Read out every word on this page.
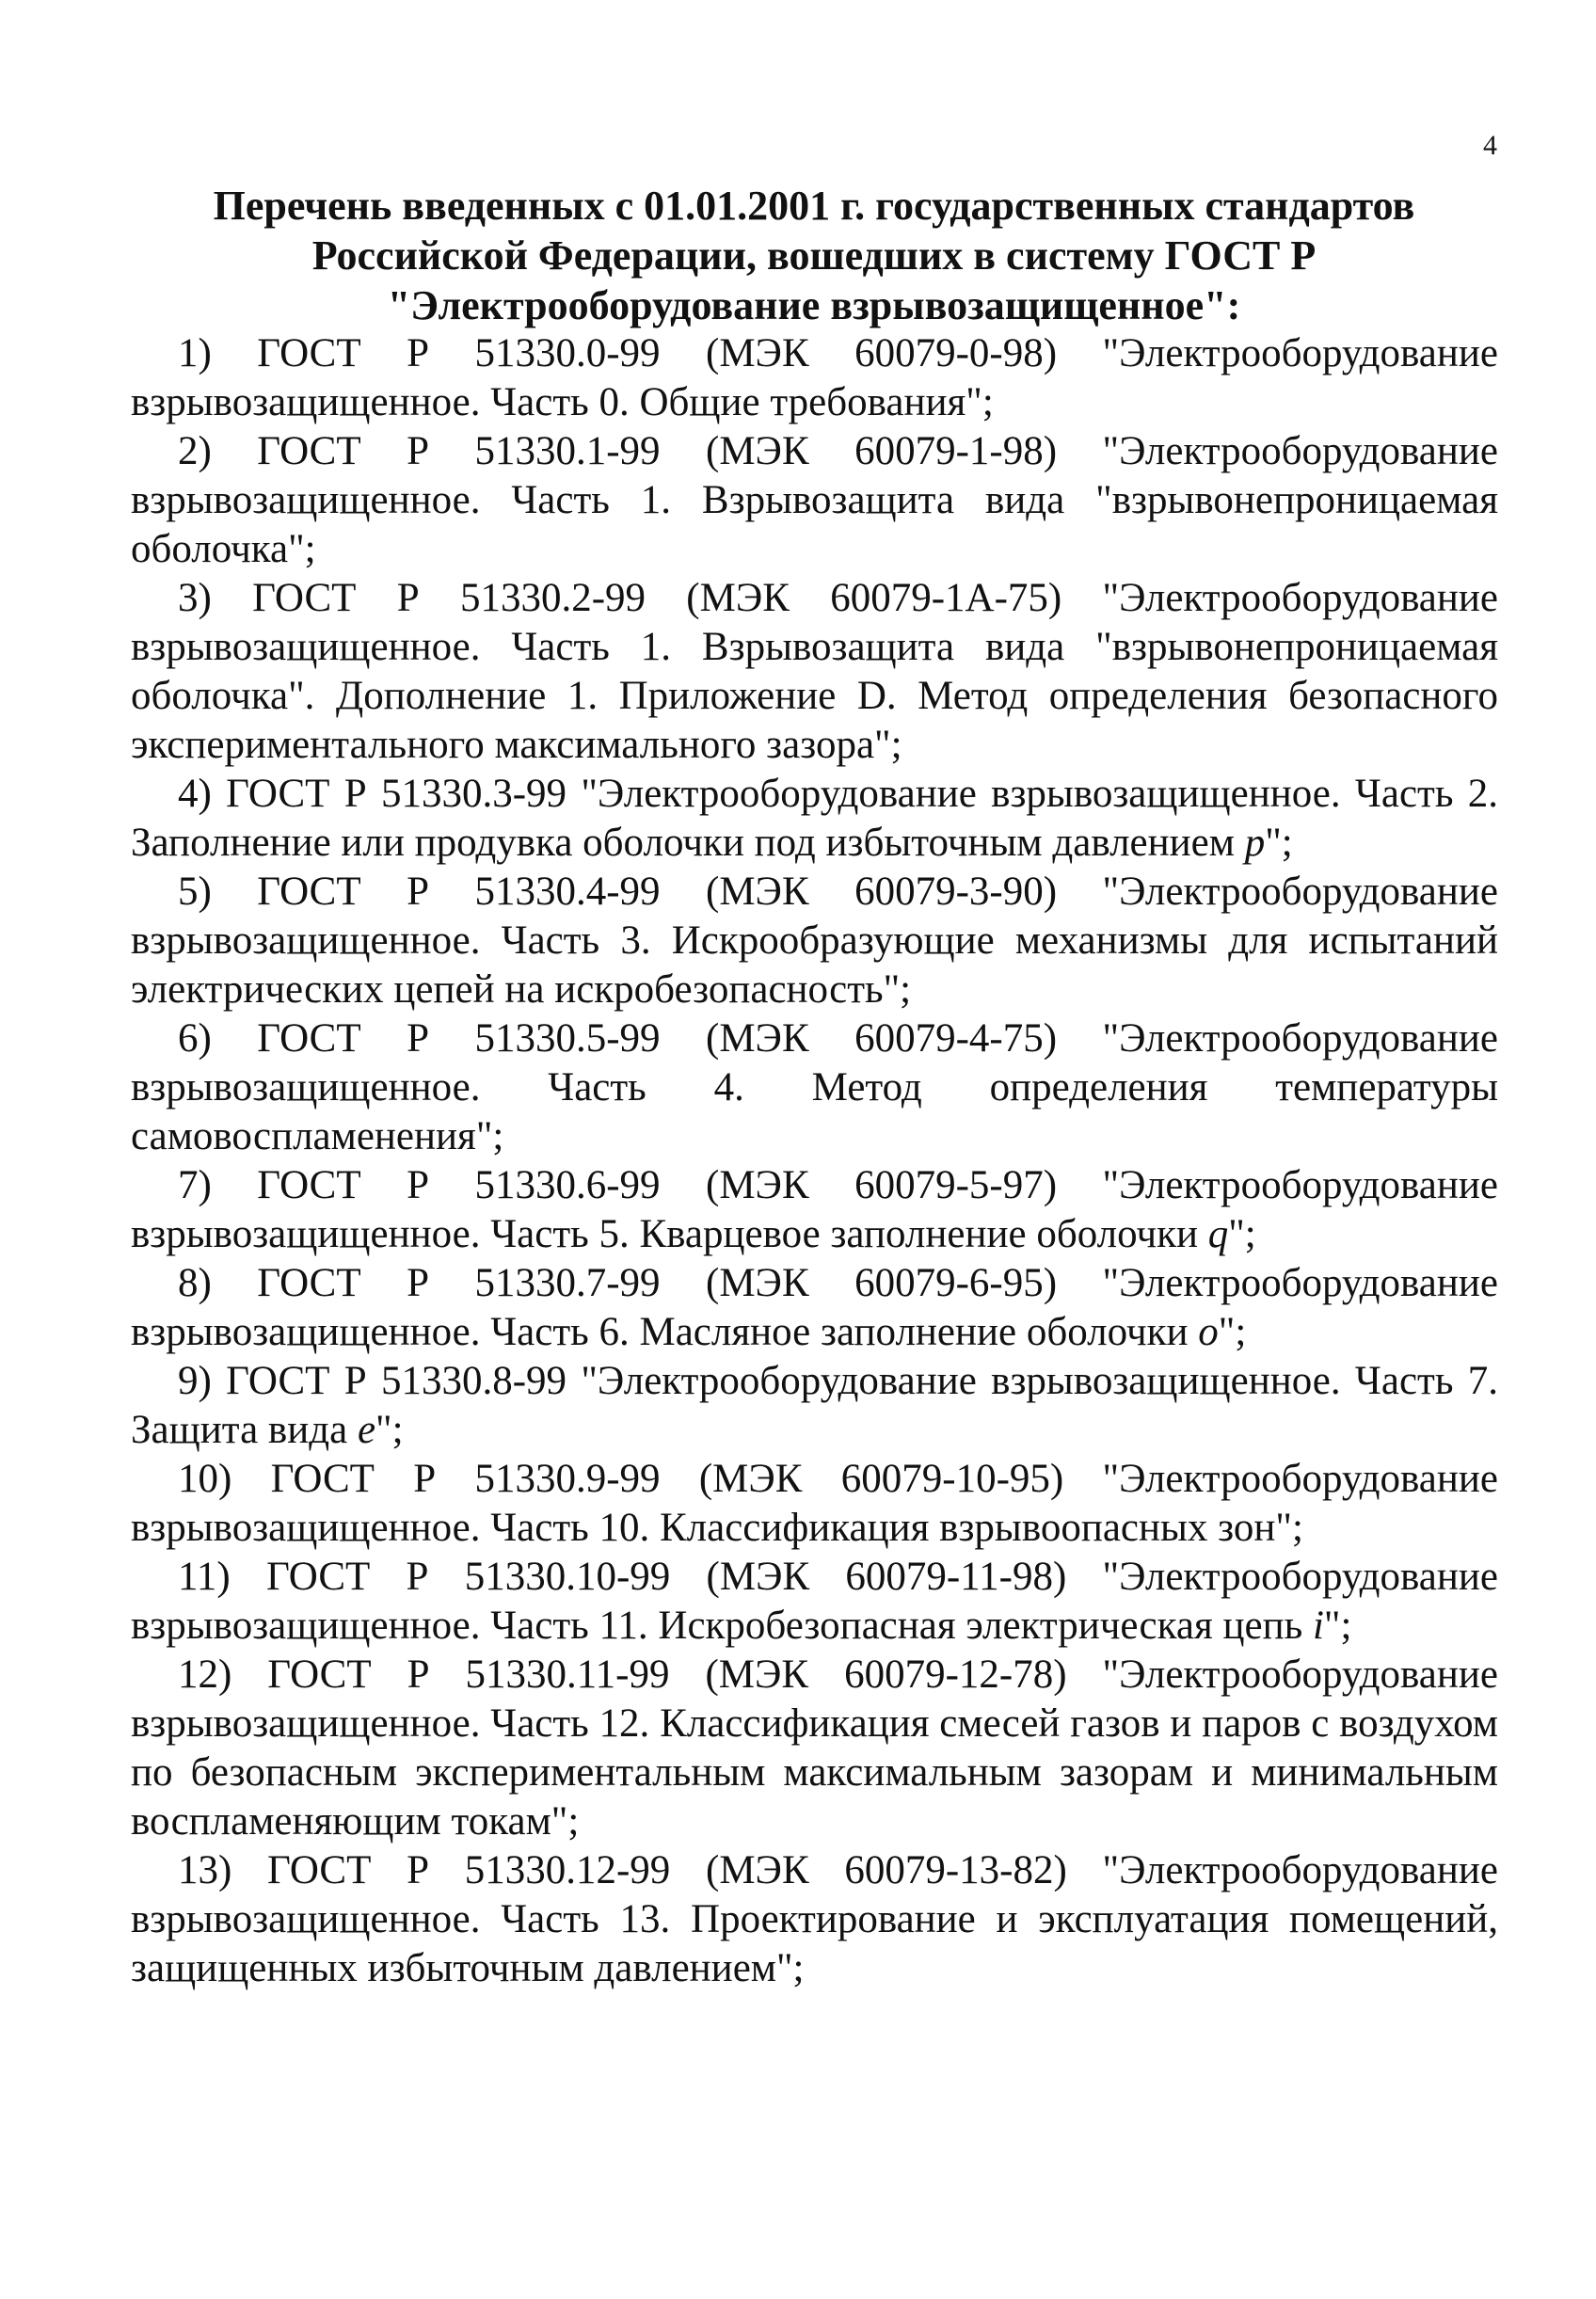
4
Перечень введенных с 01.01.2001 г. государственных стандартов
Российской Федерации, вошедших в систему ГОСТ Р
"Электрооборудование взрывозащищенное":

1) ГОСТ Р 51330.0-99 (МЭК 60079-0-98) "Электрооборудование взрывозащищенное. Часть 0. Общие требования";

2) ГОСТ Р 51330.1-99 (МЭК 60079-1-98) "Электрооборудование взрывозащищенное. Часть 1. Взрывозащита вида "взрывонепроницаемая оболочка";

3) ГОСТ Р 51330.2-99 (МЭК 60079-1А-75) "Электрооборудование взрывозащищенное. Часть 1. Взрывозащита вида "взрывонепроницаемая оболочка". Дополнение 1. Приложение D. Метод определения безопасного экспериментального максимального зазора";

4) ГОСТ Р 51330.3-99 "Электрооборудование взрывозащищенное. Часть 2. Заполнение или продувка оболочки под избыточным давлением p";

5) ГОСТ Р 51330.4-99 (МЭК 60079-3-90) "Электрооборудование взрывозащищенное. Часть 3. Искрообразующие механизмы для испытаний электрических цепей на искробезопасность";

6) ГОСТ Р 51330.5-99 (МЭК 60079-4-75) "Электрооборудование взрывозащищенное. Часть 4. Метод определения температуры самовоспламенения";

7) ГОСТ Р 51330.6-99 (МЭК 60079-5-97) "Электрооборудование взрывозащищенное. Часть 5. Кварцевое заполнение оболочки q";

8) ГОСТ Р 51330.7-99 (МЭК 60079-6-95) "Электрооборудование взрывозащищенное. Часть 6. Масляное заполнение оболочки o";

9) ГОСТ Р 51330.8-99 "Электрооборудование взрывозащищенное. Часть 7. Защита вида e";

10) ГОСТ Р 51330.9-99 (МЭК 60079-10-95) "Электрооборудование взрывозащищенное. Часть 10. Классификация взрывоопасных зон";

11) ГОСТ Р 51330.10-99 (МЭК 60079-11-98) "Электрооборудование взрывозащищенное. Часть 11. Искробезопасная электрическая цепь i";

12) ГОСТ Р 51330.11-99 (МЭК 60079-12-78) "Электрооборудование взрывозащищенное. Часть 12. Классификация смесей газов и паров с воздухом по безопасным экспериментальным максимальным зазорам и минимальным воспламеняющим токам";

13) ГОСТ Р 51330.12-99 (МЭК 60079-13-82) "Электрооборудование взрывозащищенное. Часть 13. Проектирование и эксплуатация помещений, защищенных избыточным давлением";
